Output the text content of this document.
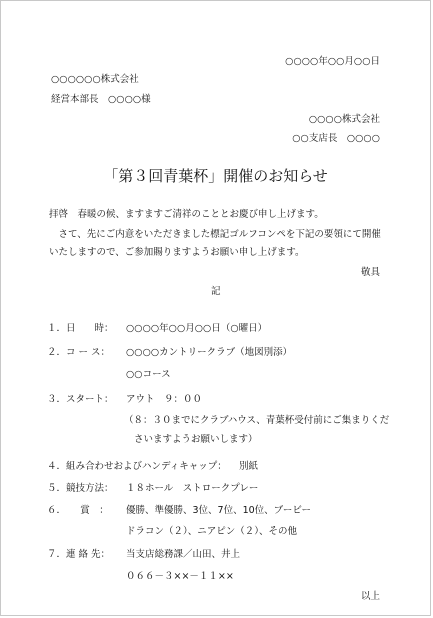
○○○○年○○月○○日
○○○○○○株式会社
経営本部長　○○○○様
○○○○株式会社
○○支店長　○○○○
「第３回青葉杯」開催のお知らせ
拝啓　春暖の候、ますますご清祥のこととお慶び申し上げます。
　さて、先にご内意をいただきました標記ゴルフコンペを下記の要領にて開催
いたしますので、ご参加賜りますようお願い申し上げます。
敬具
記
１．日　　時： ○○○○年○○月○○日（○曜日）
２．コ ー ス： ○○○○カントリークラブ（地図別添）
○○コース
３．スタート： アウト　９：００
（８：３０までにクラブハウス、青葉杯受付前にご集まりくだ
さいますようお願いします）
４．組み合わせおよびハンディキャップ： 別紙
５．競技方法： １８ホール　ストロークプレー
６．　　賞　： 優勝、準優勝、3位、7位、10位、ブービー
ドラコン（２）、ニアピン（２）、その他
７．連 絡 先： 当支店総務課／山田、井上
０６６－３××－１１××
以上
